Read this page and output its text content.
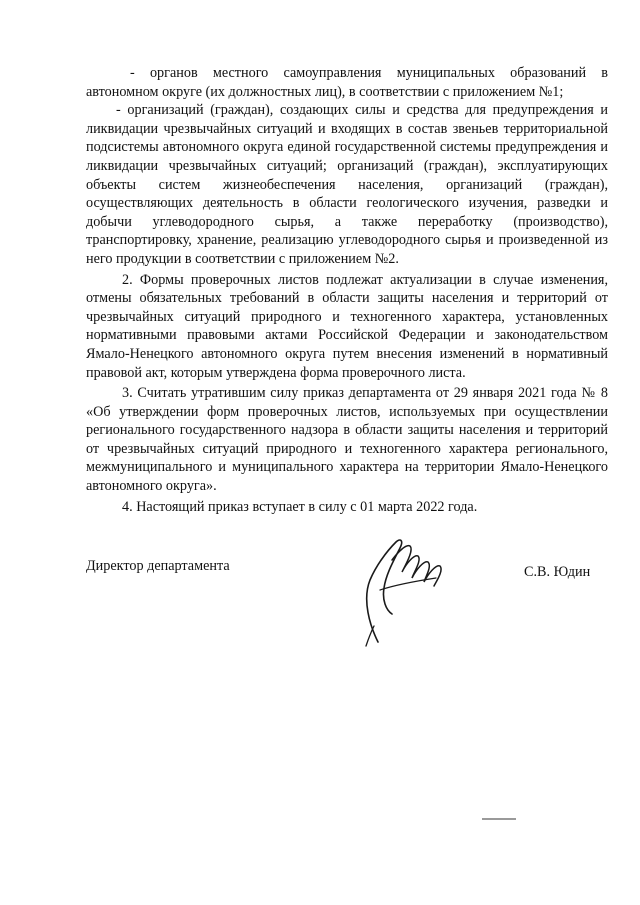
- органов местного самоуправления муниципальных образований в автономном округе (их должностных лиц), в соответствии с приложением №1;

- организаций (граждан), создающих силы и средства для предупреждения и ликвидации чрезвычайных ситуаций и входящих в состав звеньев территориальной подсистемы автономного округа единой государственной системы предупреждения и ликвидации чрезвычайных ситуаций; организаций (граждан), эксплуатирующих объекты систем жизнеобеспечения населения, организаций (граждан), осуществляющих деятельность в области геологического изучения, разведки и добычи углеводородного сырья, а также переработку (производство), транспортировку, хранение, реализацию углеводородного сырья и произведенной из него продукции в соответствии с приложением №2.

2. Формы проверочных листов подлежат актуализации в случае изменения, отмены обязательных требований в области защиты населения и территорий от чрезвычайных ситуаций природного и техногенного характера, установленных нормативными правовыми актами Российской Федерации и законодательством Ямало-Ненецкого автономного округа путем внесения изменений в нормативный правовой акт, которым утверждена форма проверочного листа.

3. Считать утратившим силу приказ департамента от 29 января 2021 года № 8 «Об утверждении форм проверочных листов, используемых при осуществлении регионального государственного надзора в области защиты населения и территорий от чрезвычайных ситуаций природного и техногенного характера регионального, межмуниципального и муниципального характера на территории Ямало-Ненецкого автономного округа».

4. Настоящий приказ вступает в силу с 01 марта 2022 года.

Директор департамента	С.В. Юдин
